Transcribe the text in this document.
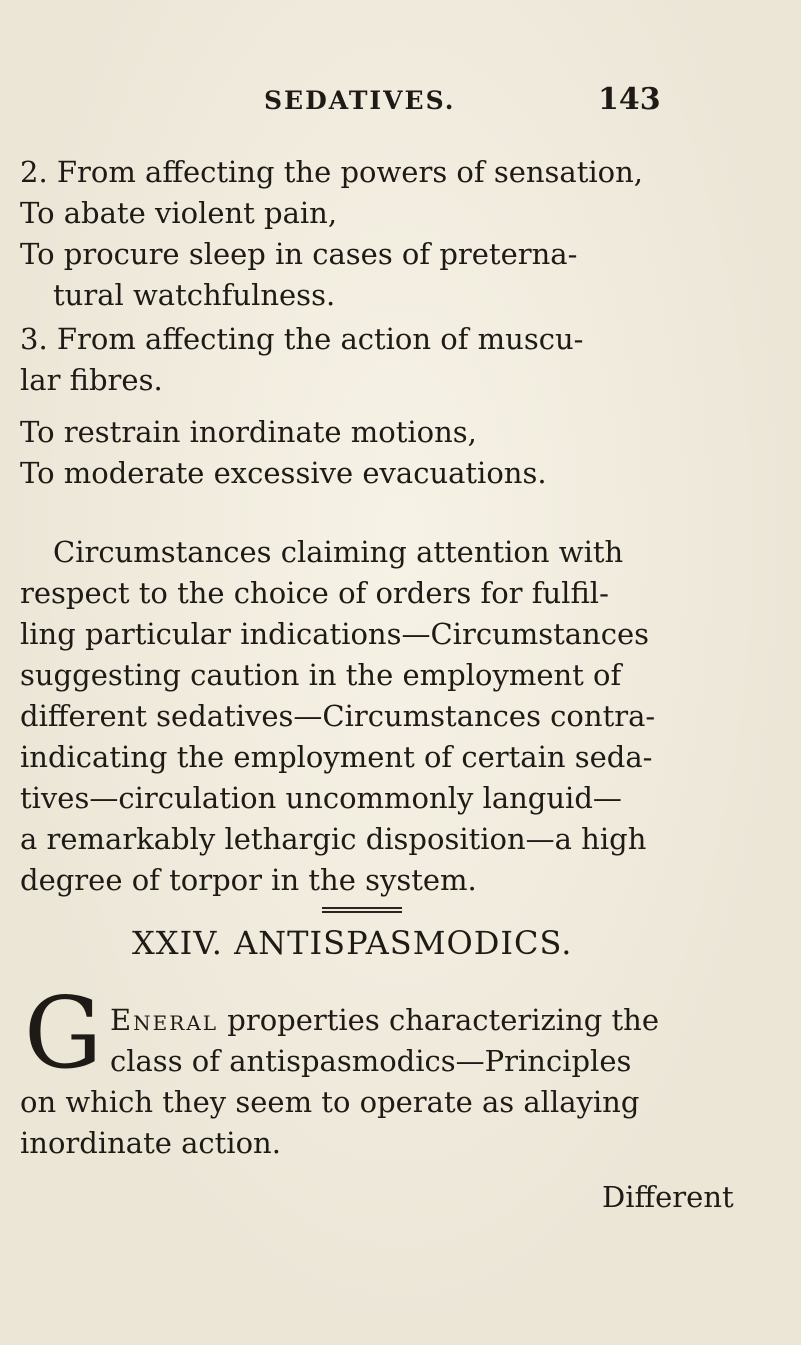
SEDATIVES.	143
2. From affecting the powers of sensation,
To abate violent pain,
To procure sleep in cases of preterna-
tural watchfulness.
3. From affecting the action of muscu-
lar fibres.
To restrain inordinate motions,
To moderate excessive evacuations.
Circumstances claiming attention with
respect to the choice of orders for fulfil-
ling particular indications—Circumstances
suggesting caution in the employment of
different sedatives—Circumstances contra-
indicating the employment of certain seda-
tives—circulation uncommonly languid—
a remarkably lethargic disposition—a high
degree of torpor in the system.
XXIV. ANTISPASMODICS.
G Eneral properties characterizing the
class of antispasmodics—Principles
on which they seem to operate as allaying
inordinate action.
Different
